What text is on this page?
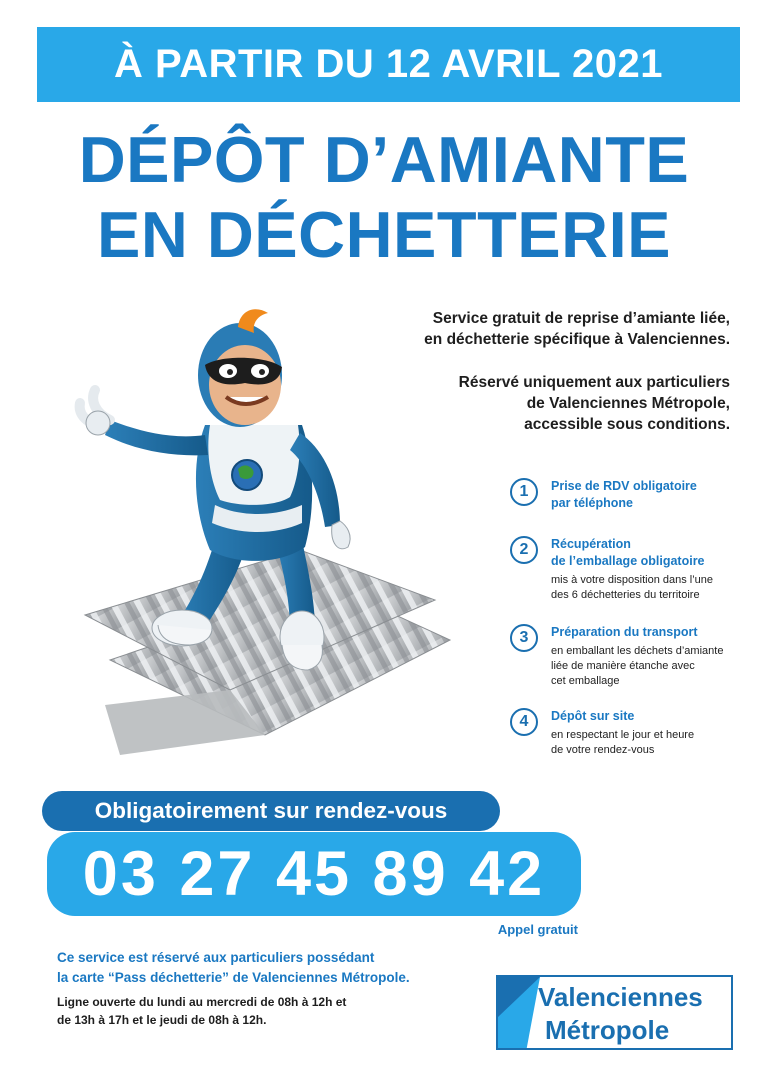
À PARTIR DU 12 AVRIL 2021
DÉPÔT D’AMIANTE
EN DÉCHETTERIE

Service gratuit de reprise d’amiante liée,

en déchetterie spécifique à Valenciennes.

Réservé uniquement aux particuliers

de Valenciennes Métropole,

accessible sous conditions.

1	Prise de RDV obligatoire
par téléphone
2	Récupération
de l’emballage obligatoire
mis à votre disposition dans l’une
des 6 déchetteries du territoire
3	Préparation du transport
en emballant les déchets d’amiante
liée de manière étanche avec
cet emballage
4	Dépôt sur site
en respectant le jour et heure
de votre rendez-vous
03 27 45 89 42
Obligatoirement sur rendez-vous
Appel gratuit

Ce service est réservé aux particuliers possédant

la carte “Pass déchetterie” de Valenciennes Métropole.

Ligne ouverte du lundi au mercredi de 08h à 12h et

de 13h à 17h et le jeudi de 08h à 12h.

Valenciennes
Métropole
